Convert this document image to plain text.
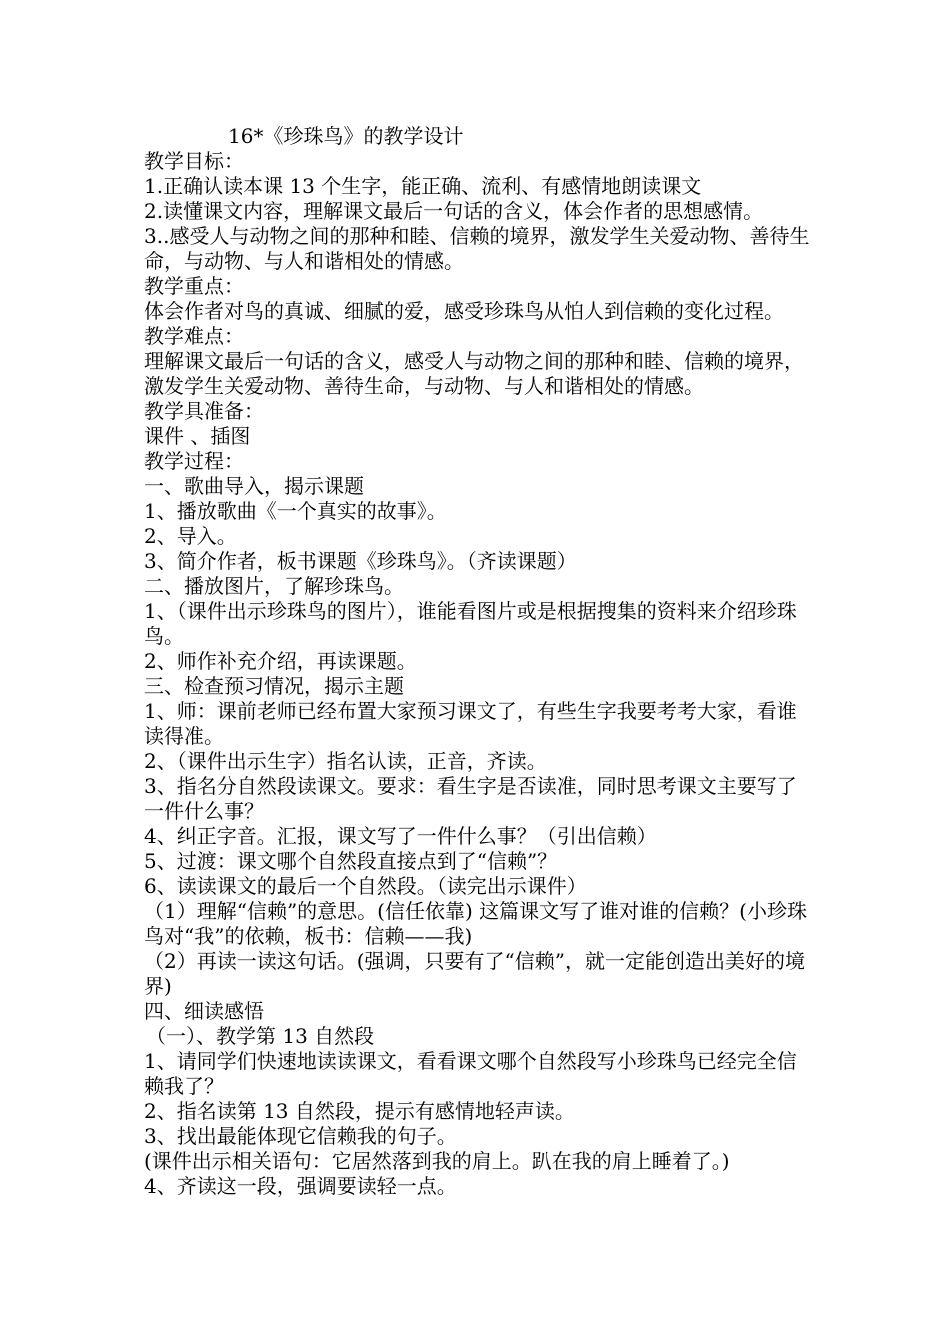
16*《珍珠鸟》的教学设计

教学目标：

1.正确认读本课 13 个生字，能正确、流利、有感情地朗读课文

2.读懂课文内容，理解课文最后一句话的含义，体会作者的思想感情。

3..感受人与动物之间的那种和睦、信赖的境界，激发学生关爱动物、善待生命，与动物、与人和谐相处的情感。

教学重点：

体会作者对鸟的真诚、细腻的爱，感受珍珠鸟从怕人到信赖的变化过程。

教学难点：

理解课文最后一句话的含义，感受人与动物之间的那种和睦、信赖的境界，激发学生关爱动物、善待生命，与动物、与人和谐相处的情感。

教学具准备：

课件 、插图

教学过程：

一、歌曲导入，揭示课题

1、播放歌曲《一个真实的故事》。

2、导入。

3、简介作者，板书课题《珍珠鸟》。（齐读课题）

二、播放图片，了解珍珠鸟。

1、（课件出示珍珠鸟的图片），谁能看图片或是根据搜集的资料来介绍珍珠鸟。

2、师作补充介绍，再读课题。

三、检查预习情况，揭示主题

1、师：课前老师已经布置大家预习课文了，有些生字我要考考大家，看谁读得准。

2、（课件出示生字）指名认读，正音，齐读。

3、指名分自然段读课文。要求：看生字是否读准，同时思考课文主要写了一件什么事？

4、纠正字音。汇报，课文写了一件什么事？（引出信赖）

5、过渡：课文哪个自然段直接点到了“信赖”？

6、读读课文的最后一个自然段。（读完出示课件）

（1）理解“信赖”的意思。(信任依靠) 这篇课文写了谁对谁的信赖？(小珍珠鸟对“我”的依赖，板书：信赖——我)

（2）再读一读这句话。(强调，只要有了“信赖”，就一定能创造出美好的境界)

四、细读感悟

（一）、教学第 13 自然段

1、请同学们快速地读读课文，看看课文哪个自然段写小珍珠鸟已经完全信赖我了？

2、指名读第 13 自然段，提示有感情地轻声读。

3、找出最能体现它信赖我的句子。

(课件出示相关语句：它居然落到我的肩上。趴在我的肩上睡着了。)

4、齐读这一段，强调要读轻一点。
